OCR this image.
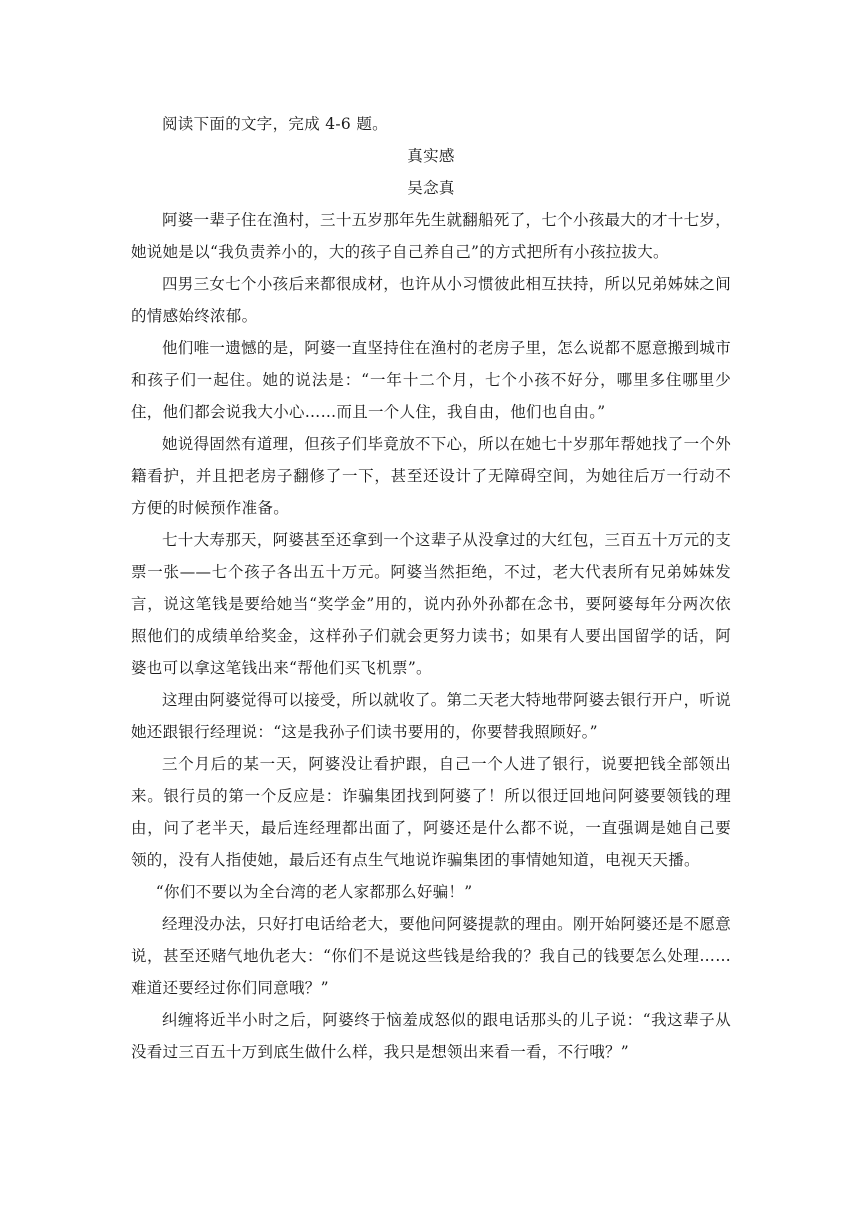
阅读下面的文字，完成 4-6 题。

真实感

吴念真

阿婆一辈子住在渔村，三十五岁那年先生就翻船死了，七个小孩最大的才十七岁，她说她是以“我负责养小的，大的孩子自己养自己”的方式把所有小孩拉拔大。

四男三女七个小孩后来都很成材，也许从小习惯彼此相互扶持，所以兄弟姊妹之间的情感始终浓郁。

他们唯一遗憾的是，阿婆一直坚持住在渔村的老房子里，怎么说都不愿意搬到城市和孩子们一起住。她的说法是：“一年十二个月，七个小孩不好分，哪里多住哪里少住，他们都会说我大小心……而且一个人住，我自由，他们也自由。”

她说得固然有道理，但孩子们毕竟放不下心，所以在她七十岁那年帮她找了一个外籍看护，并且把老房子翻修了一下，甚至还设计了无障碍空间，为她往后万一行动不方便的时候预作准备。

七十大寿那天，阿婆甚至还拿到一个这辈子从没拿过的大红包，三百五十万元的支票一张——七个孩子各出五十万元。阿婆当然拒绝，不过，老大代表所有兄弟姊妹发言，说这笔钱是要给她当“奖学金”用的，说内孙外孙都在念书，要阿婆每年分两次依照他们的成绩单给奖金，这样孙子们就会更努力读书；如果有人要出国留学的话，阿婆也可以拿这笔钱出来“帮他们买飞机票”。

这理由阿婆觉得可以接受，所以就收了。第二天老大特地带阿婆去银行开户，听说她还跟银行经理说：“这是我孙子们读书要用的，你要替我照顾好。”

三个月后的某一天，阿婆没让看护跟，自己一个人进了银行，说要把钱全部领出来。银行员的第一个反应是：诈骗集团找到阿婆了！所以很迂回地问阿婆要领钱的理由，问了老半天，最后连经理都出面了，阿婆还是什么都不说，一直强调是她自己要领的，没有人指使她，最后还有点生气地说诈骗集团的事情她知道，电视天天播。

“你们不要以为全台湾的老人家都那么好骗！”

经理没办法，只好打电话给老大，要他问阿婆提款的理由。刚开始阿婆还是不愿意说，甚至还赌气地仇老大：“你们不是说这些钱是给我的？我自己的钱要怎么处理……难道还要经过你们同意哦？”

纠缠将近半小时之后，阿婆终于恼羞成怒似的跟电话那头的儿子说：“我这辈子从没看过三百五十万到底生做什么样，我只是想领出来看一看，不行哦？”
